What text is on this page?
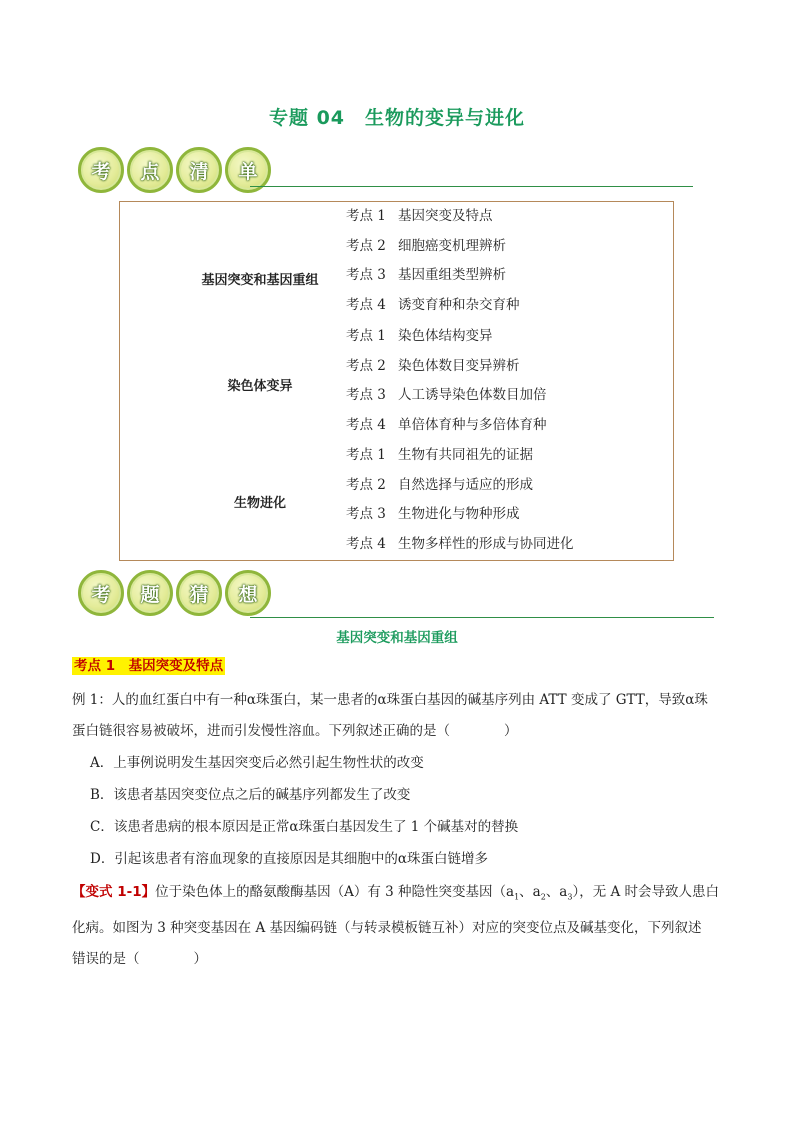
专题 04　生物的变异与进化
考	点	清	单
基因突变和基因重组
考点 1 基因突变及特点
考点 2 细胞癌变机理辨析
考点 3 基因重组类型辨析
考点 4 诱变育种和杂交育种
染色体变异
考点 1 染色体结构变异
考点 2 染色体数目变异辨析
考点 3 人工诱导染色体数目加倍
考点 4 单倍体育种与多倍体育种
生物进化
考点 1 生物有共同祖先的证据
考点 2 自然选择与适应的形成
考点 3 生物进化与物种形成
考点 4 生物多样性的形成与协同进化
考	题	猜	想
基因突变和基因重组
考点 1　基因突变及特点
例 1：人的血红蛋白中有一种α珠蛋白，某一患者的α珠蛋白基因的碱基序列由 ATT 变成了 GTT，导致α珠
蛋白链很容易被破坏，进而引发慢性溶血。下列叙述正确的是（　　　　）
A．上事例说明发生基因突变后必然引起生物性状的改变
B．该患者基因突变位点之后的碱基序列都发生了改变
C．该患者患病的根本原因是正常α珠蛋白基因发生了 1 个碱基对的替换
D．引起该患者有溶血现象的直接原因是其细胞中的α珠蛋白链增多
【变式 1-1】位于染色体上的酪氨酸酶基因（A）有 3 种隐性突变基因（$a_1$、$a_2$、$a_3$），无 A 时会导致人患白
化病。如图为 3 种突变基因在 A 基因编码链（与转录模板链互补）对应的突变位点及碱基变化，下列叙述
错误的是（　　　　）
